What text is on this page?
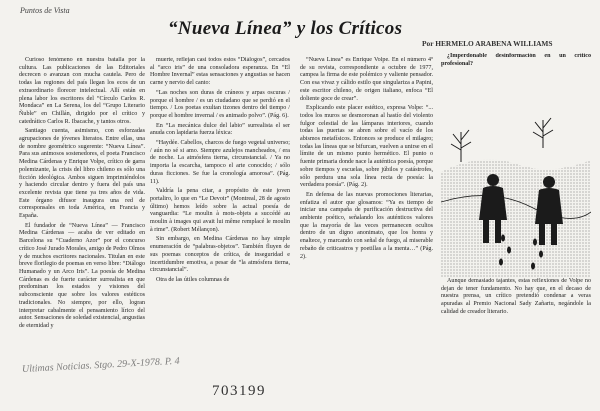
Puntos de Vista
“Nueva Línea” y los Críticos
Por HERMELO ARABENA WILLIAMS

Curioso fenómeno en nuestra batalla por la cultura. Las publicaciones de las Editoriales decrecen o avanzan con mucha cautela. Pero de todas las regiones del país llegan los ecos de un extraordinario florecer intelectual. Allí están en plena labor los escritores del “Círculo Carlos R. Mondaca” en La Serena, los del “Grupo Literario Ñuble” en Chillán, dirigido por el crítico y catedrático Carlos R. Ibacache, y tantos otros.

Santiago cuenta, asimismo, con esforzadas agrupaciones de jóvenes literatos. Entre ellas, una de nombre geométrico sugerente: “Nueva Línea”. Para sus animosos sostenedores, el poeta Francisco Medina Cárdenas y Enrique Volpe, crítico de garra polemizante, la crisis del libro chileno es sólo una ficción ideológica. Ambos siguen imprimiéndolos y haciendo circular dentro y fuera del país una excelente revista que tiene ya tres años de vida. Este órgano difusor inaugura una red de corresponsales en toda América, en Francia y España.

El fundador de “Nueva Línea” — Francisco Medina Cárdenas — acaba de ver editado en Barcelona su “Cuaderno Azor” por el concurso crítico José Jurado Morales, amigo de Pedro Olmos y de muchos escritores nacionales. Titulan en este breve florilegio de poemas en verso libre: “Diálogo Humanado y un Arco Iris”. La poesía de Medina Cárdenas es de fuerte carácter surrealista en que predominan los estados y visiones del subconsciente que sobre los valores estéticos tradicionales. No siempre, por ello, logran interpretar cabalmente el pensamiento lírico del autor. Sensaciones de soledad existencial, angustias de eternidad y

muerte, reflejan casi todos estos “Diálogos”, cercados al “arco iris” de una consoladora esperanza. En “El Hombre Invernal” estas sensaciones y angustias se hacen carne y nervio del canto:

“Las noches son duras de cráneos y arpas oscuras / porque el hombre / es un ciudadano que se perdió en el tiempo. / Los poetas exultan tizones dentro del tiempo / porque el hombre invernal / es animado polvo”. (Pág. 6).

En “La mecánica dulce del labio” surrealista el ser anuda con lapidaria fuerza léxica:

“Haydée. Cabellos, charcos de fuego vegetal universo; / aún no sé si amo. Siempre azulejos mancheados, / era de noche. La atmósfera tierna, circunstancial. / Ya no importa la escarcha, tampoco el arte conocido; / sólo duras ficciones. Se fue la cronología amorosa”. (Pág. 11).

Valdría la pena citar, a propósito de este joven portaliro, lo que en “Le Devoir” (Montreal, 28 de agosto último) hemos leído sobre la actual poesía de vanguardia: “Le moulin à mots-objets a succédé au moulin à images qui avait lui même remplacé le moulin à rime”. (Robert Mélançon).

Sin embargo, en Medina Cárdenas no hay simple enumeración de “palabras-objetos”. También fluyen de sus poemas conceptos de crítica, de inseguridad e incertidumbre emotiva, a pesar de “la atmósfera tierna, circunstancial”.

Otra de las útiles columnas de

“Nueva Línea” es Enrique Volpe. En el número 4º de su revista, correspondiente a octubre de 1977, campea la firma de este polémico y valiente pensador. Con esa vivaz y cálido estilo que singulariza a Papini, este escritor chileno, de origen italiano, enfoca “El doliente goce de crear”.

Explicando este placer estético, expresa Volpe: “... todos los muros se desmoronan al hastío del violento fulgor celestial de las lámparas interiores, cuando todas las puertas se abren sobre el vacío de los abismos metafísicos. Entonces se produce el milagro; todas las líneas que se bifurcan, vuelven a unirse en el límite de un mismo punto hermético. El punto o fuente primaria donde nace la auténtica poesía, porque sobre tiempos y escuelas, sobre júbilos y catástrofes, sólo perdura una sola línea recta de poesía: la verdadera poesía”. (Pág. 2).

En defensa de las nuevas promociones literarias, enfatiza el autor que glosamos: “Ya es tiempo de iniciar una campaña de purificación destructiva del ambiente poético, señalando los auténticos valores que la mayoría de las veces permanecen ocultos dentro de un digno anonimato, que los honra y enaltece, y marcando con señal de fuego, al miserable rebaño de criticastros y poetillas a la menta…” (Pág. 2).

¿Imperdonable desinformación en un crítico profesional?

Aunque demasiado tajantes, estas reflexiones de Volpe no dejan de tener fundamento. No hay que, en el decaso de nuestra prensa, un crítico pretendió condenar a veras apuradas al Premio Nacional Sady Zañartu, negándole la calidad de creador literario.

Ultimas Noticias. Stgo. 29-X-1978. P. 4
703199
